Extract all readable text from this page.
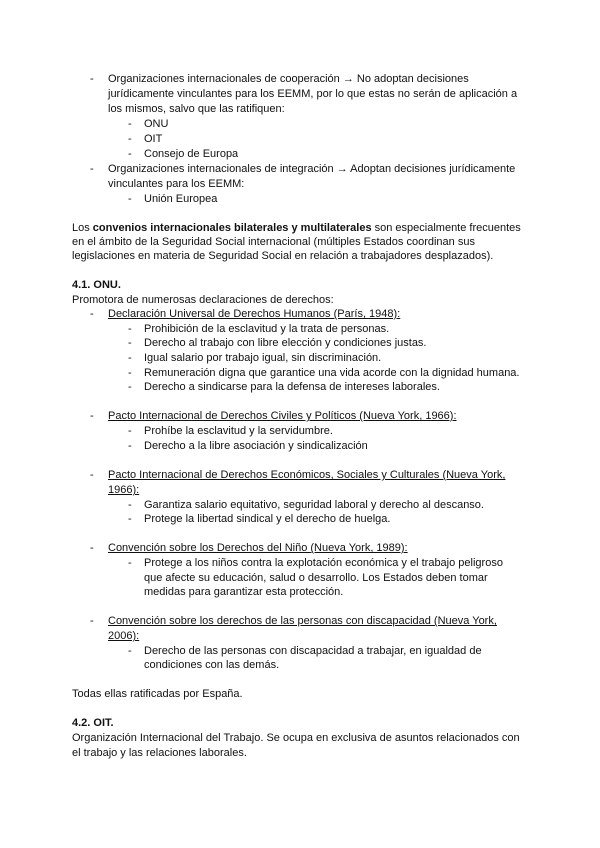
- Organizaciones internacionales de cooperación → No adoptan decisiones
jurídicamente vinculantes para los EEMM, por lo que estas no serán de aplicación a
los mismos, salvo que las ratifiquen:
- ONU
- OIT
- Consejo de Europa
- Organizaciones internacionales de integración → Adoptan decisiones jurídicamente
vinculantes para los EEMM:
- Unión Europea
Los convenios internacionales bilaterales y multilaterales son especialmente frecuentes
en el ámbito de la Seguridad Social internacional (múltiples Estados coordinan sus
legislaciones en materia de Seguridad Social en relación a trabajadores desplazados).
4.1. ONU.
Promotora de numerosas declaraciones de derechos:
- Declaración Universal de Derechos Humanos (París, 1948):
- Prohibición de la esclavitud y la trata de personas.
- Derecho al trabajo con libre elección y condiciones justas.
- Igual salario por trabajo igual, sin discriminación.
- Remuneración digna que garantice una vida acorde con la dignidad humana.
- Derecho a sindicarse para la defensa de intereses laborales.
- Pacto Internacional de Derechos Civiles y Políticos (Nueva York, 1966):
- Prohíbe la esclavitud y la servidumbre.
- Derecho a la libre asociación y sindicalización
- Pacto Internacional de Derechos Económicos, Sociales y Culturales (Nueva York,
1966):
- Garantiza salario equitativo, seguridad laboral y derecho al descanso.
- Protege la libertad sindical y el derecho de huelga.
- Convención sobre los Derechos del Niño (Nueva York, 1989):
- Protege a los niños contra la explotación económica y el trabajo peligroso
que afecte su educación, salud o desarrollo. Los Estados deben tomar
medidas para garantizar esta protección.
- Convención sobre los derechos de las personas con discapacidad (Nueva York,
2006):
- Derecho de las personas con discapacidad a trabajar, en igualdad de
condiciones con las demás.
Todas ellas ratificadas por España.
4.2. OIT.
Organización Internacional del Trabajo. Se ocupa en exclusiva de asuntos relacionados con
el trabajo y las relaciones laborales.
